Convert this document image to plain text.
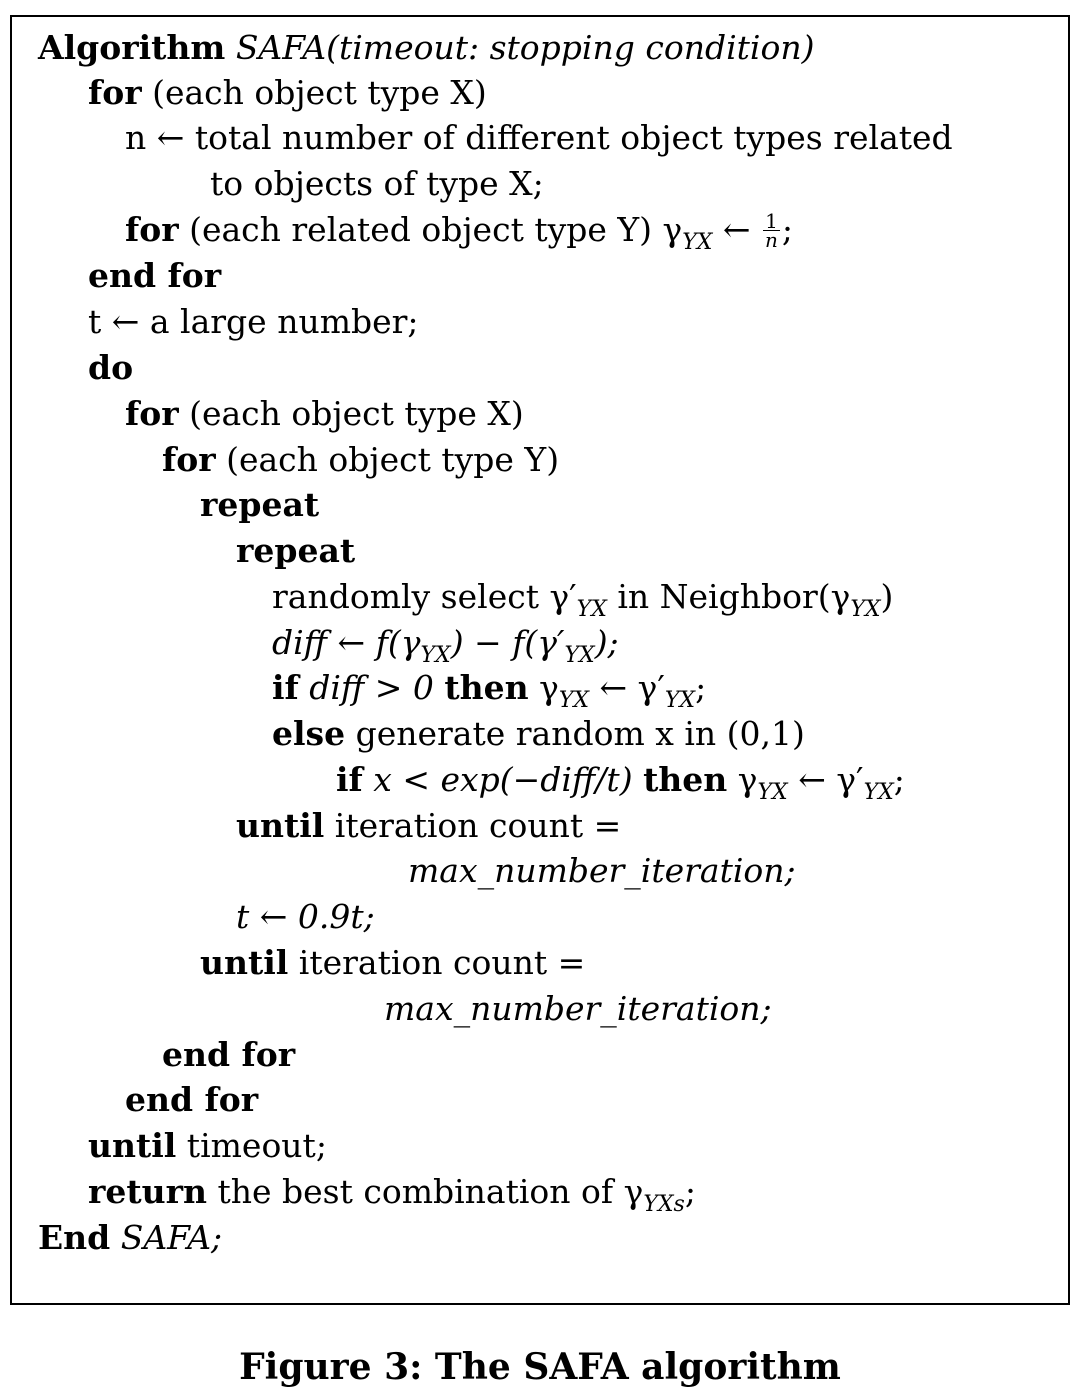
Algorithm SAFA(timeout: stopping condition)
for (each object type X)
n ← total number of different object types related
to objects of type X;
for (each related object type Y) $\gamma_{YX}$ ← $\frac{1}{n}$ ;
end for
t ← a large number;
do
for (each object type X)
for (each object type Y)
repeat
repeat
randomly select $\gamma'_{YX}$ in $Neighbor(\gamma_{YX})$
diff ← $f(\gamma_{YX}) - f(\gamma'_{YX})$;
if diff > 0 then $\gamma_{YX}$ ← $\gamma'_{YX}$;
else generate random x in (0,1)
if x < exp(−diff/t) then $\gamma_{YX}$ ← $\gamma'_{YX}$;
until iteration count =
max_number_iteration;
t ← 0.9t;
until iteration count =
max_number_iteration;
end for
end for
until timeout;
return the best combination of $\gamma_{YXs}$;
End SAFA;
Figure 3: The SAFA algorithm
